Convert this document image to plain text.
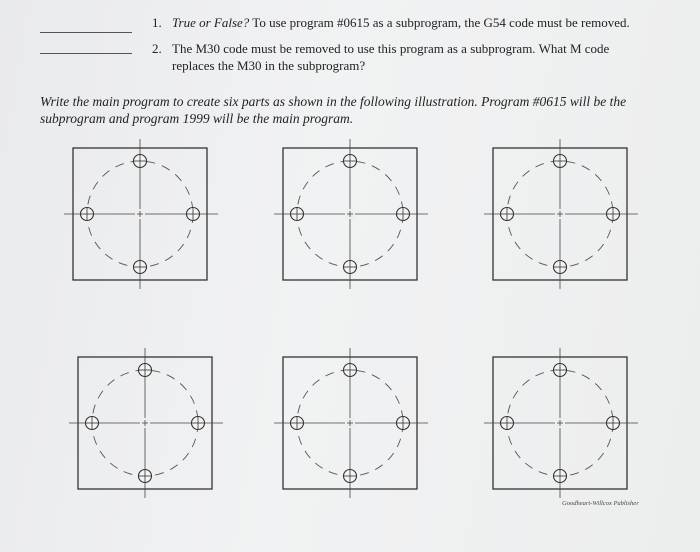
1. True or False? To use program #0615 as a subprogram, the G54 code must be removed.
2. The M30 code must be removed to use this program as a subprogram. What M code
replaces the M30 in the subprogram?
Write the main program to create six parts as shown in the following illustration. Program #0615 will be the
subprogram and program 1999 will be the main program.
Goodheart-Willcox Publisher
